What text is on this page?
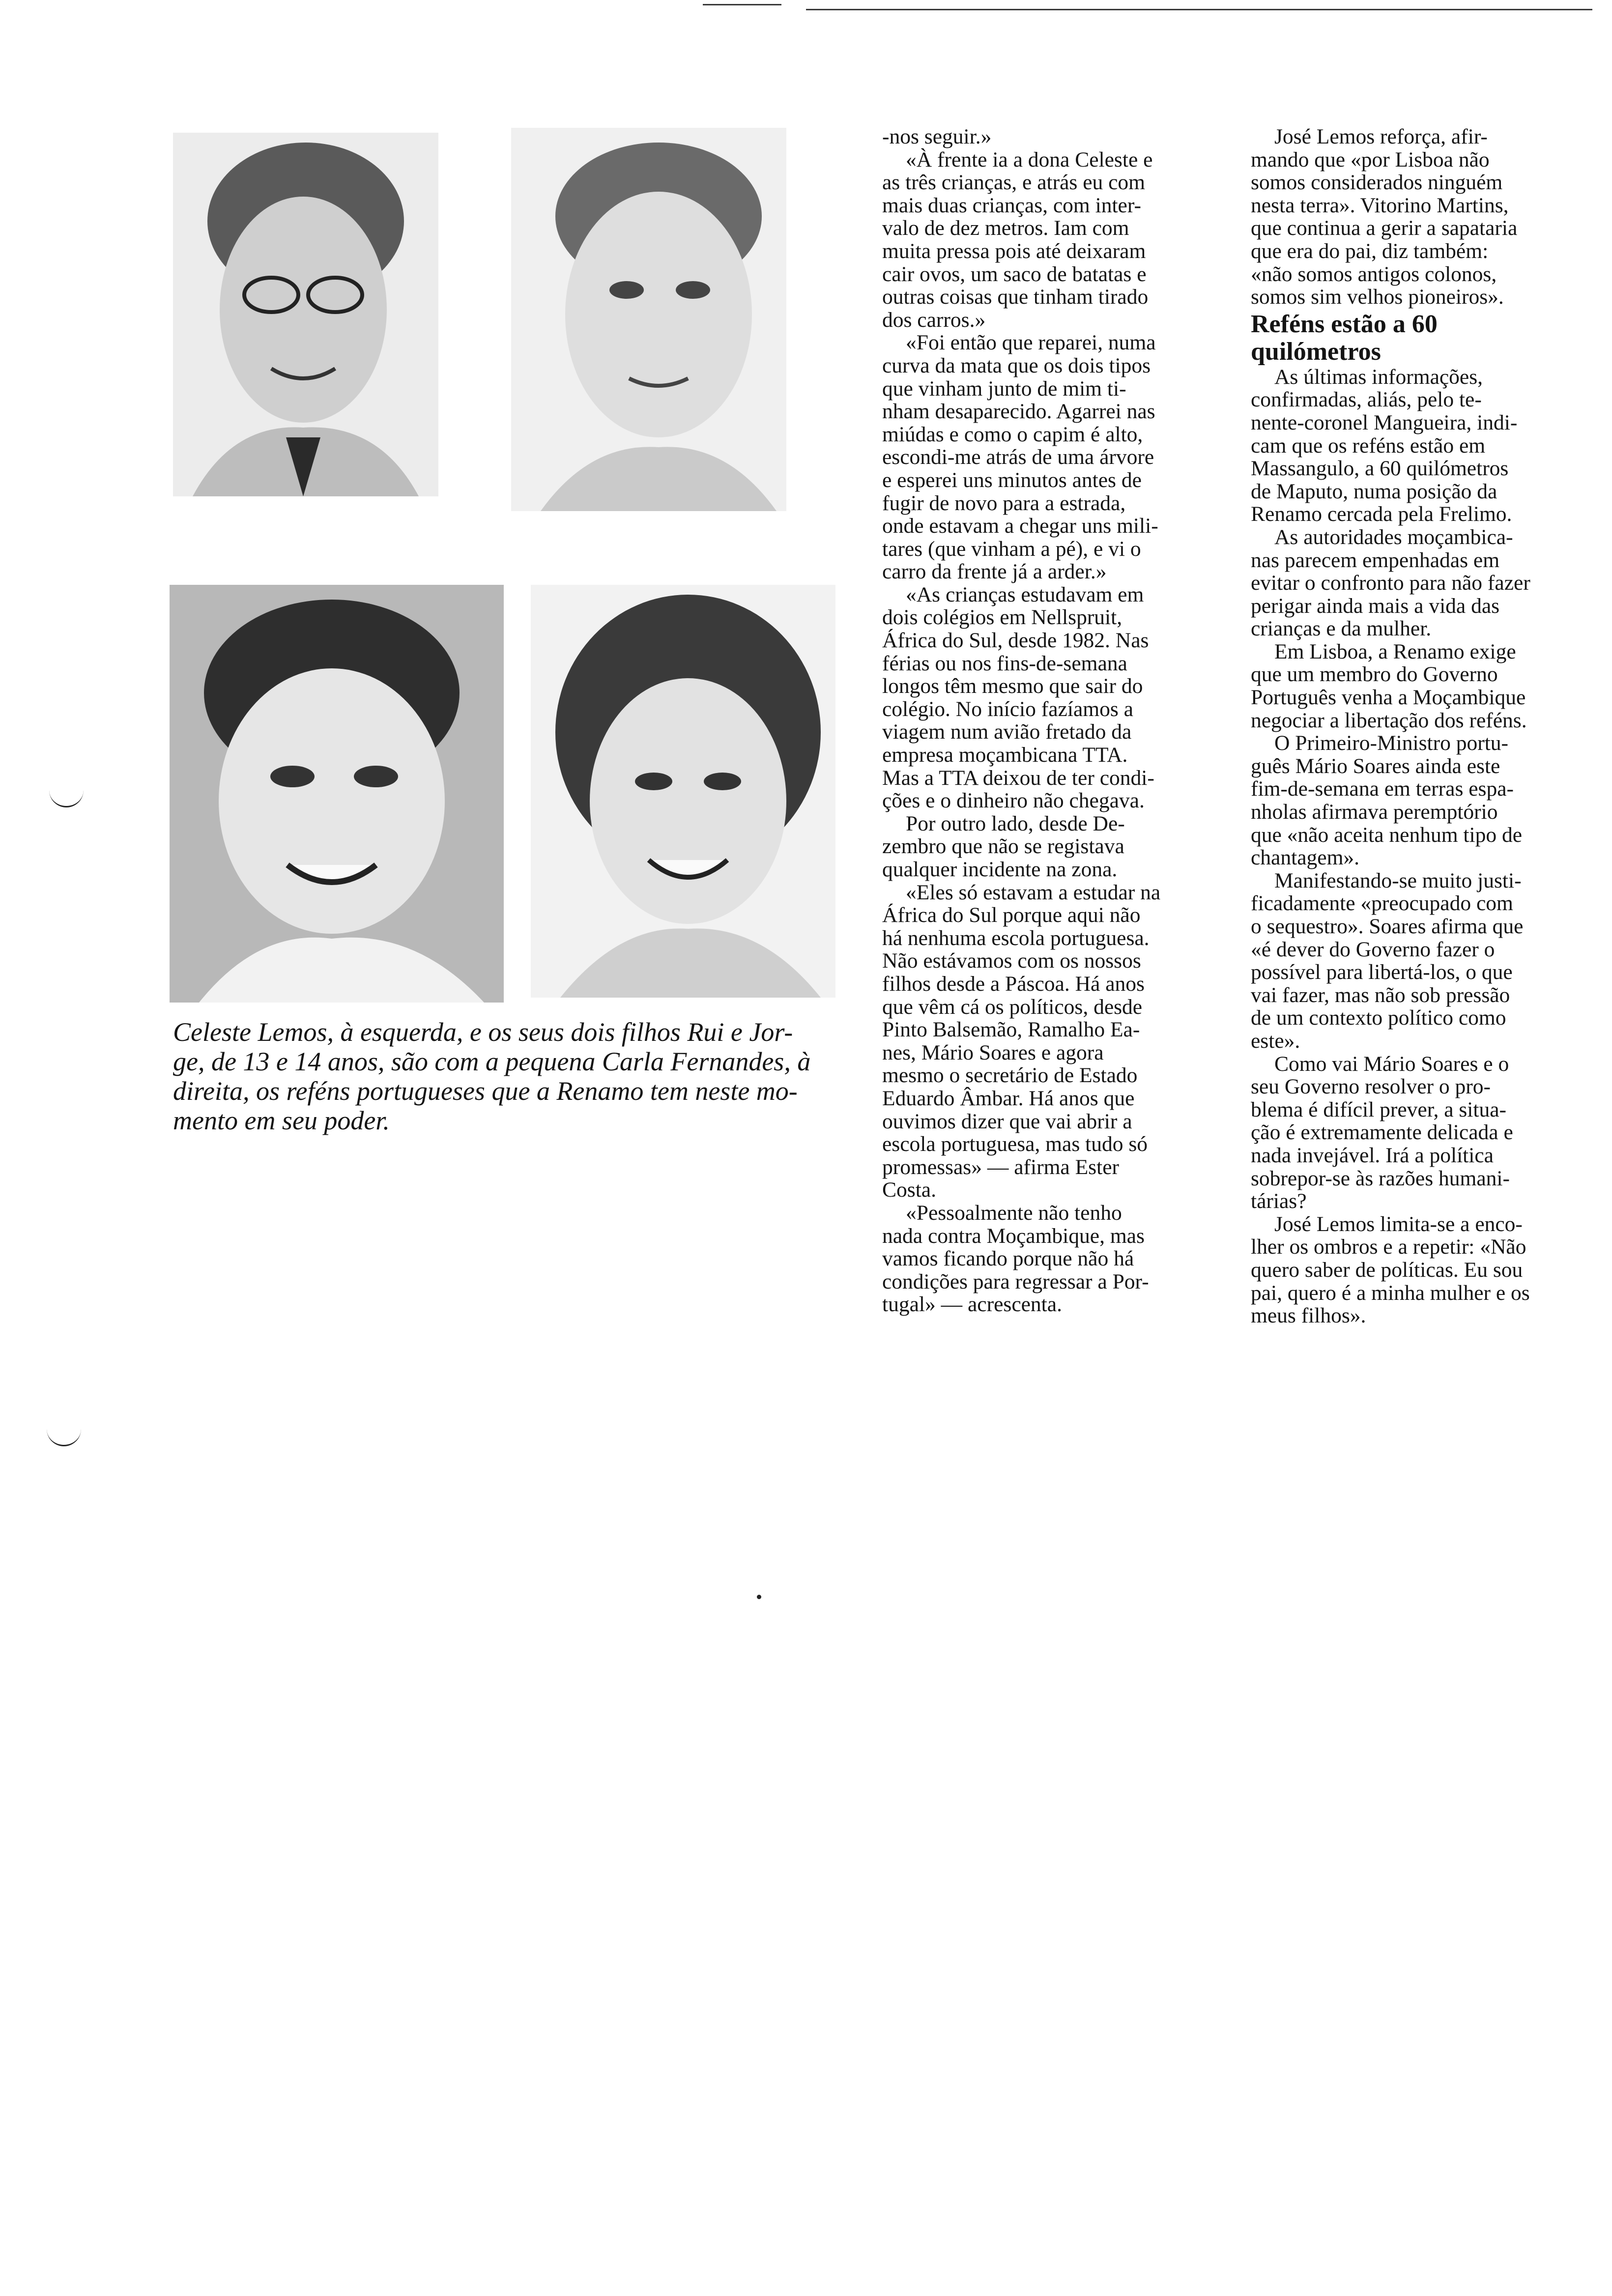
Celeste Lemos, à esquerda, e os seus dois filhos Rui e Jor-
ge, de 13 e 14 anos, são com a pequena Carla Fernandes, à
direita, os reféns portugueses que a Renamo tem neste mo-
mento em seu poder.
-nos seguir.»
«À frente ia a dona Celeste e
as três crianças, e atrás eu com
mais duas crianças, com inter-
valo de dez metros. Iam com
muita pressa pois até deixaram
cair ovos, um saco de batatas e
outras coisas que tinham tirado
dos carros.»
«Foi então que reparei, numa
curva da mata que os dois tipos
que vinham junto de mim ti-
nham desaparecido. Agarrei nas
miúdas e como o capim é alto,
escondi-me atrás de uma árvore
e esperei uns minutos antes de
fugir de novo para a estrada,
onde estavam a chegar uns mili-
tares (que vinham a pé), e vi o
carro da frente já a arder.»
«As crianças estudavam em
dois colégios em Nellspruit,
África do Sul, desde 1982. Nas
férias ou nos fins-de-semana
longos têm mesmo que sair do
colégio. No início fazíamos a
viagem num avião fretado da
empresa moçambicana TTA.
Mas a TTA deixou de ter condi-
ções e o dinheiro não chegava.
Por outro lado, desde De-
zembro que não se registava
qualquer incidente na zona.
«Eles só estavam a estudar na
África do Sul porque aqui não
há nenhuma escola portuguesa.
Não estávamos com os nossos
filhos desde a Páscoa. Há anos
que vêm cá os políticos, desde
Pinto Balsemão, Ramalho Ea-
nes, Mário Soares e agora
mesmo o secretário de Estado
Eduardo Âmbar. Há anos que
ouvimos dizer que vai abrir a
escola portuguesa, mas tudo só
promessas» — afirma Ester
Costa.
«Pessoalmente não tenho
nada contra Moçambique, mas
vamos ficando porque não há
condições para regressar a Por-
tugal» — acrescenta.
José Lemos reforça, afir-
mando que «por Lisboa não
somos considerados ninguém
nesta terra». Vitorino Martins,
que continua a gerir a sapataria
que era do pai, diz também:
«não somos antigos colonos,
somos sim velhos pioneiros».
Reféns estão a 60
quilómetros
As últimas informações,
confirmadas, aliás, pelo te-
nente-coronel Mangueira, indi-
cam que os reféns estão em
Massangulo, a 60 quilómetros
de Maputo, numa posição da
Renamo cercada pela Frelimo.
As autoridades moçambica-
nas parecem empenhadas em
evitar o confronto para não fazer
perigar ainda mais a vida das
crianças e da mulher.
Em Lisboa, a Renamo exige
que um membro do Governo
Português venha a Moçambique
negociar a libertação dos reféns.
O Primeiro-Ministro portu-
guês Mário Soares ainda este
fim-de-semana em terras espa-
nholas afirmava peremptório
que «não aceita nenhum tipo de
chantagem».
Manifestando-se muito justi-
ficadamente «preocupado com
o sequestro». Soares afirma que
«é dever do Governo fazer o
possível para libertá-los, o que
vai fazer, mas não sob pressão
de um contexto político como
este».
Como vai Mário Soares e o
seu Governo resolver o pro-
blema é difícil prever, a situa-
ção é extremamente delicada e
nada invejável. Irá a política
sobrepor-se às razões humani-
tárias?
José Lemos limita-se a enco-
lher os ombros e a repetir: «Não
quero saber de políticas. Eu sou
pai, quero é a minha mulher e os
meus filhos».
